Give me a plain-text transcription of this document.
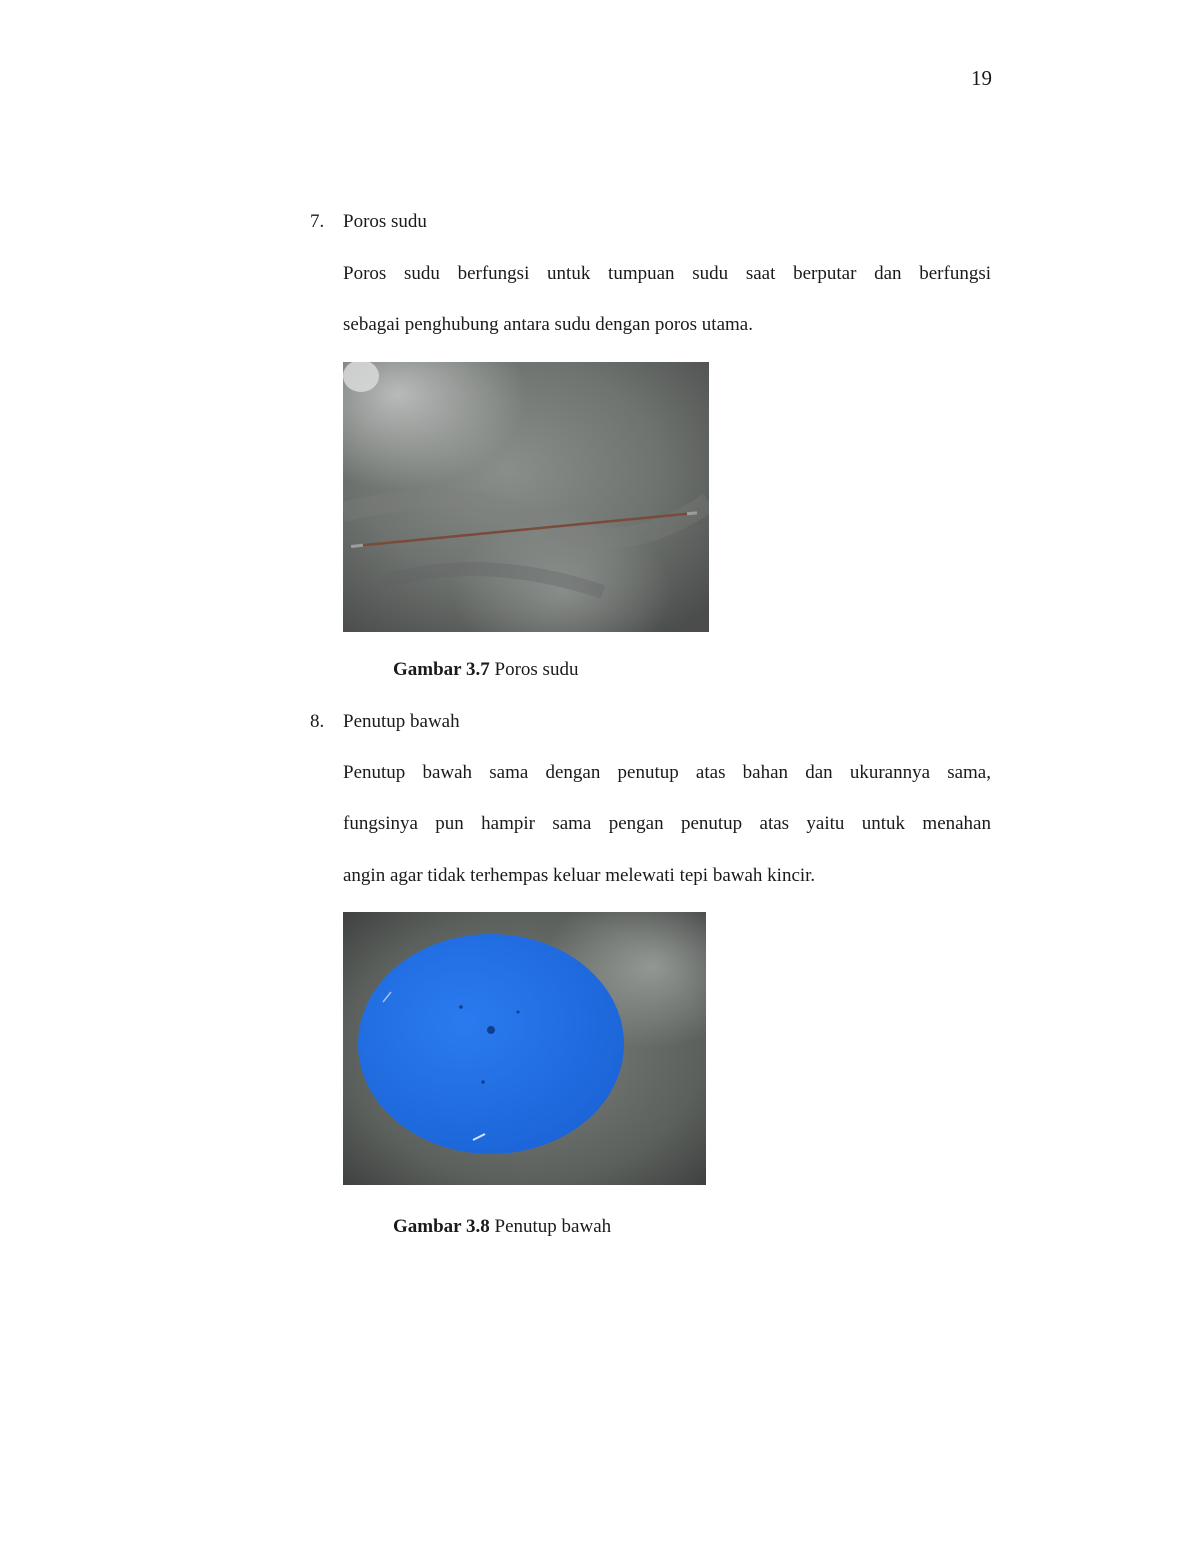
19
7. Poros sudu
Poros sudu berfungsi untuk tumpuan sudu saat berputar dan berfungsi
sebagai penghubung antara sudu dengan poros utama.
Gambar 3.7 Poros sudu
8. Penutup bawah
Penutup bawah sama dengan penutup atas bahan dan ukurannya sama,
fungsinya pun hampir sama pengan penutup atas yaitu untuk menahan
angin agar tidak terhempas keluar melewati tepi bawah kincir.
Gambar 3.8 Penutup bawah
